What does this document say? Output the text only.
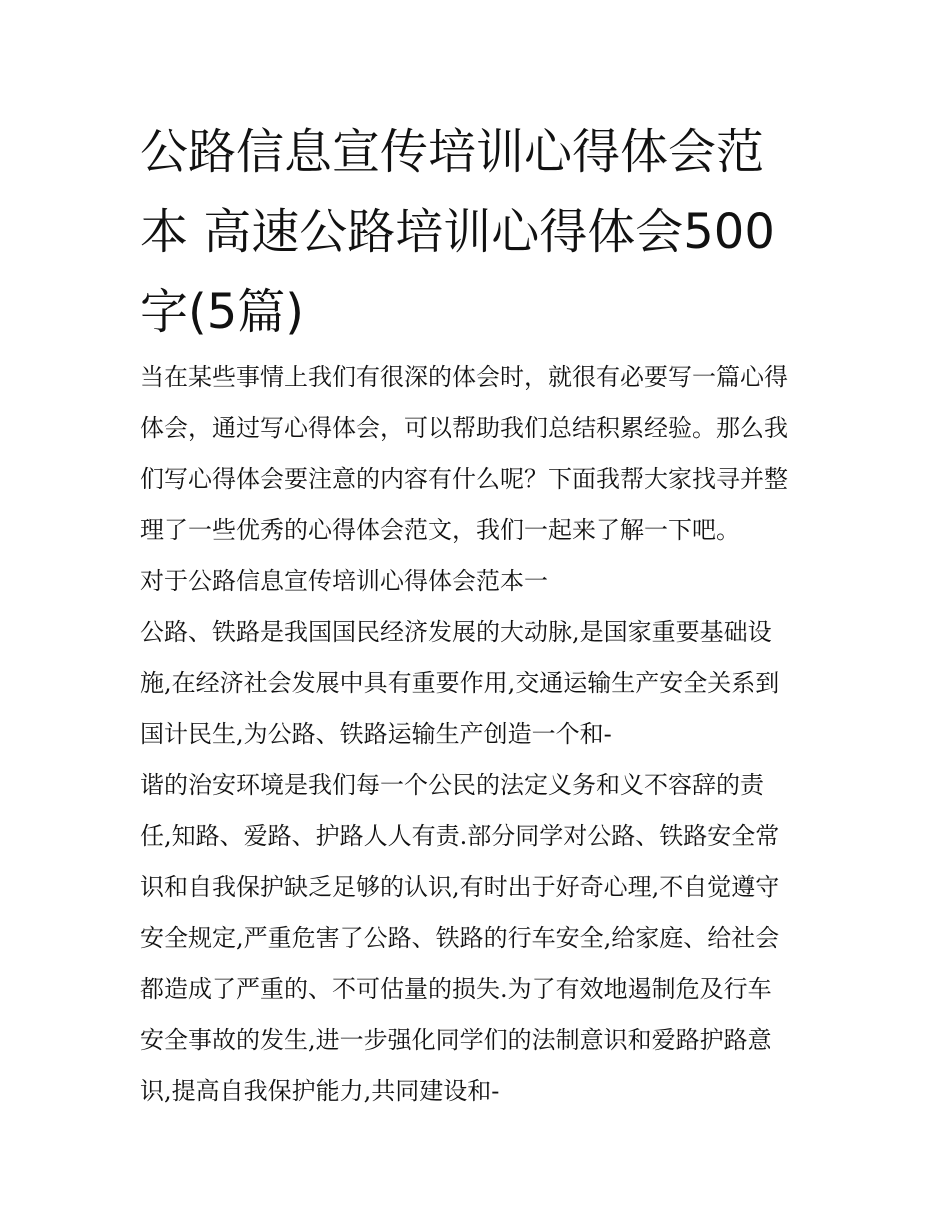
公路信息宣传培训心得体会范
本 高速公路培训心得体会500
字(5篇)
当在某些事情上我们有很深的体会时，就很有必要写一篇心得
体会，通过写心得体会，可以帮助我们总结积累经验。那么我
们写心得体会要注意的内容有什么呢？下面我帮大家找寻并整
理了一些优秀的心得体会范文，我们一起来了解一下吧。
对于公路信息宣传培训心得体会范本一
公路、铁路是我国国民经济发展的大动脉,是国家重要基础设
施,在经济社会发展中具有重要作用,交通运输生产安全关系到
国计民生,为公路、铁路运输生产创造一个和-
谐的治安环境是我们每一个公民的法定义务和义不容辞的责
任,知路、爱路、护路人人有责.部分同学对公路、铁路安全常
识和自我保护缺乏足够的认识,有时出于好奇心理,不自觉遵守
安全规定,严重危害了公路、铁路的行车安全,给家庭、给社会
都造成了严重的、不可估量的损失.为了有效地遏制危及行车
安全事故的发生,进一步强化同学们的法制意识和爱路护路意
识,提高自我保护能力,共同建设和-
